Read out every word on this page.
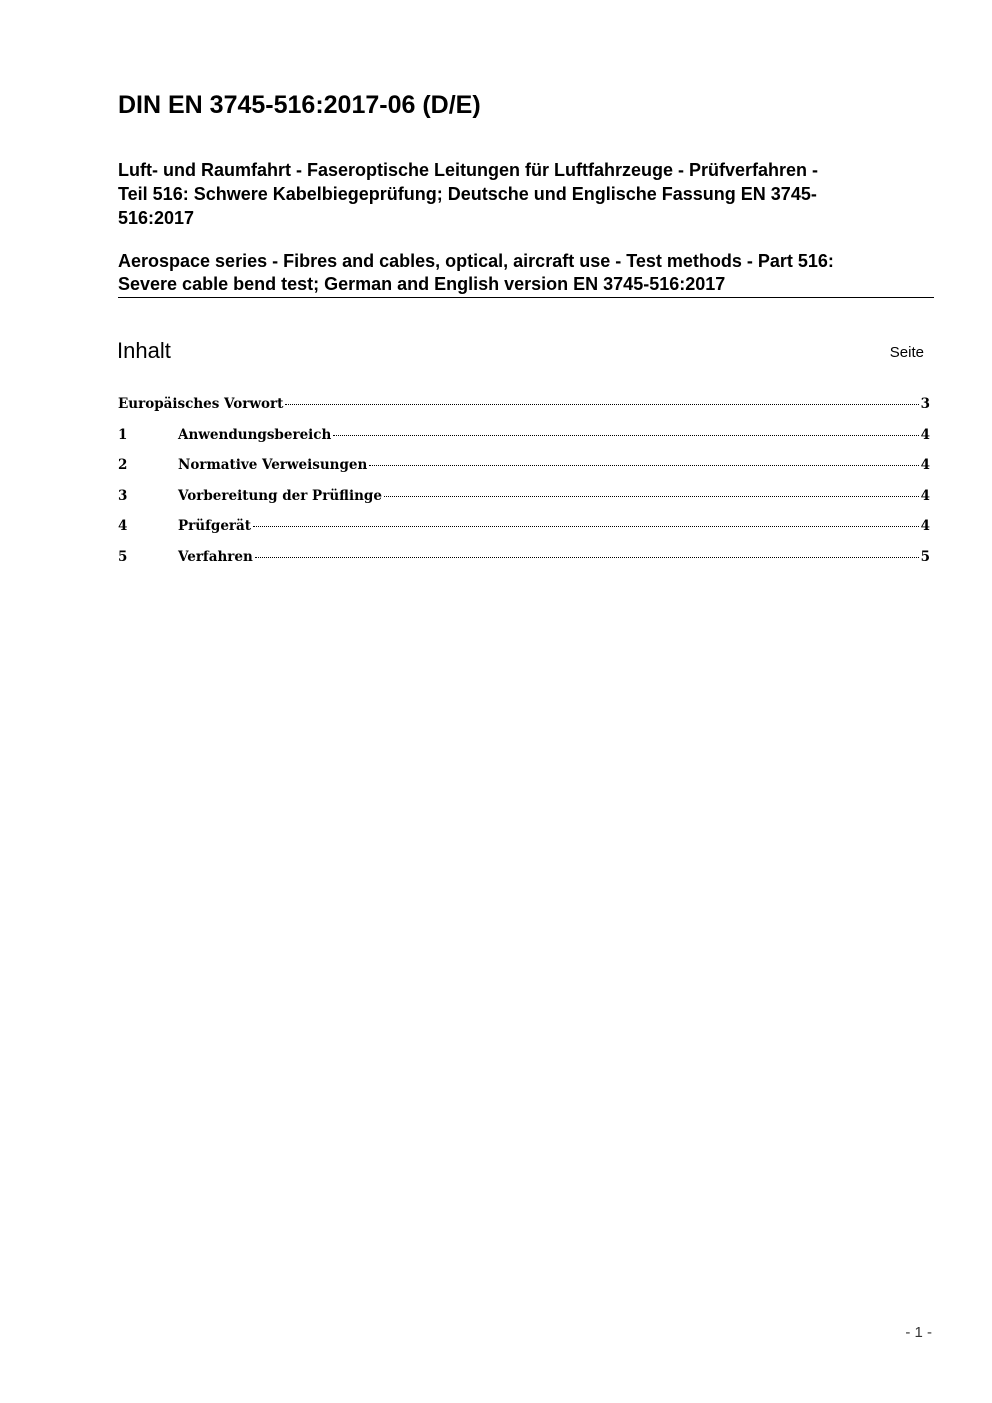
DIN EN 3745-516:2017-06 (D/E)
Luft- und Raumfahrt - Faseroptische Leitungen für Luftfahrzeuge - Prüfverfahren -
Teil 516: Schwere Kabelbiegeprüfung; Deutsche und Englische Fassung EN 3745-
516:2017
Aerospace series - Fibres and cables, optical, aircraft use - Test methods - Part 516:
Severe cable bend test; German and English version EN 3745-516:2017
Inhalt	Seite
Europäisches Vorwort	3
1	Anwendungsbereich	4
2	Normative Verweisungen	4
3	Vorbereitung der Prüflinge	4
4	Prüfgerät	4
5	Verfahren	5
- 1 -
